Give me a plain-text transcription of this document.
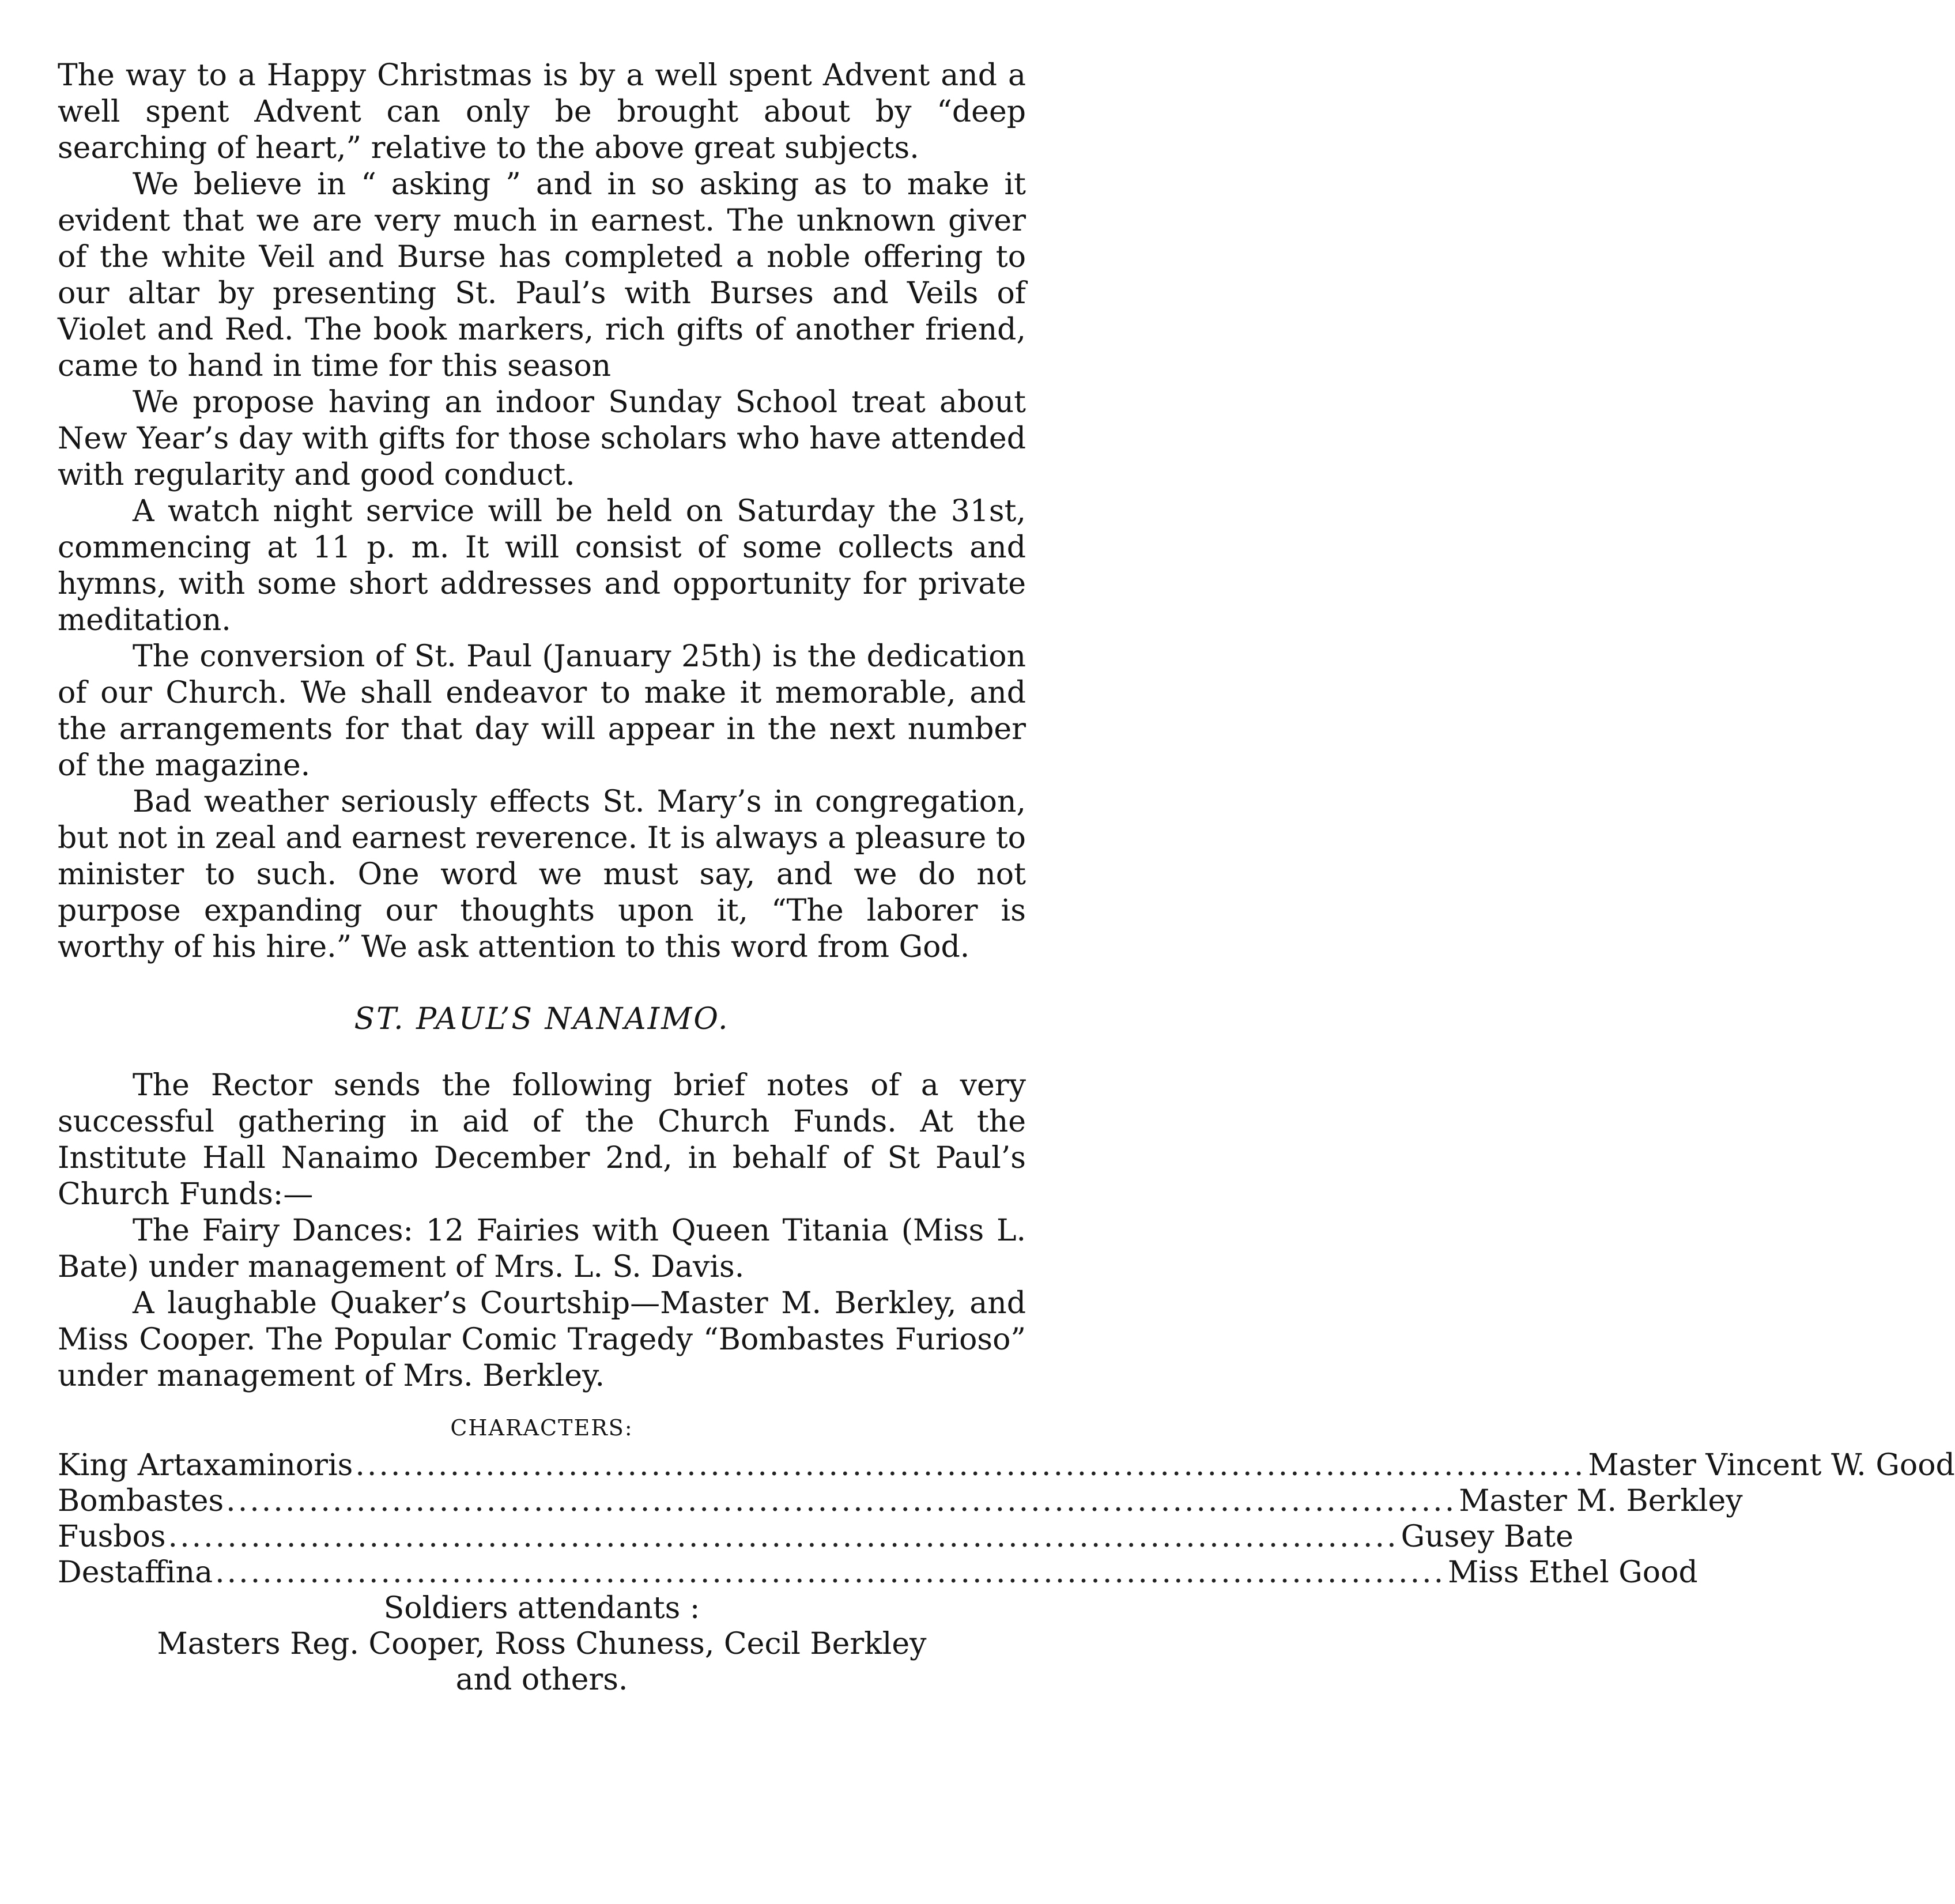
The way to a Happy Christmas is by a well spent Advent and a well spent Advent can only be brought about by “deep searching of heart,” relative to the above great subjects.

We believe in “ asking ” and in so asking as to make it evident that we are very much in earnest. The unknown giver of the white Veil and Burse has completed a noble offering to our altar by presenting St. Paul’s with Burses and Veils of Violet and Red. The book markers, rich gifts of another friend, came to hand in time for this season

We propose having an indoor Sunday School treat about New Year’s day with gifts for those scholars who have attended with regularity and good conduct.

A watch night service will be held on Saturday the 31st, commencing at 11 p. m. It will consist of some collects and hymns, with some short addresses and opportunity for private meditation.

The conversion of St. Paul (January 25th) is the dedication of our Church. We shall endeavor to make it memorable, and the arrangements for that day will appear in the next number of the magazine.

Bad weather seriously effects St. Mary’s in congregation, but not in zeal and earnest reverence. It is always a pleasure to minister to such. One word we must say, and we do not purpose expanding our thoughts upon it, “The laborer is worthy of his hire.” We ask attention to this word from God.

ST. PAUL’S NANAIMO.

The Rector sends the following brief notes of a very successful gathering in aid of the Church Funds. At the Institute Hall Nanaimo December 2nd, in behalf of St Paul’s Church Funds:—

The Fairy Dances: 12 Fairies with Queen Titania (Miss L. Bate) under management of Mrs. L. S. Davis.

A laughable Quaker’s Courtship—Master M. Berkley, and Miss Cooper. The Popular Comic Tragedy “Bombastes Furioso” under management of Mrs. Berkley.

CHARACTERS:
King Artaxaminoris ........................................................................................................ Master Vincent W. Good
Bombastes ........................................................................................................ Master M. Berkley
Fusbos ........................................................................................................ Gusey Bate
Destaffina ........................................................................................................ Miss Ethel Good
Soldiers attendants :
Masters Reg. Cooper, Ross Chuness, Cecil Berkley
and others.
